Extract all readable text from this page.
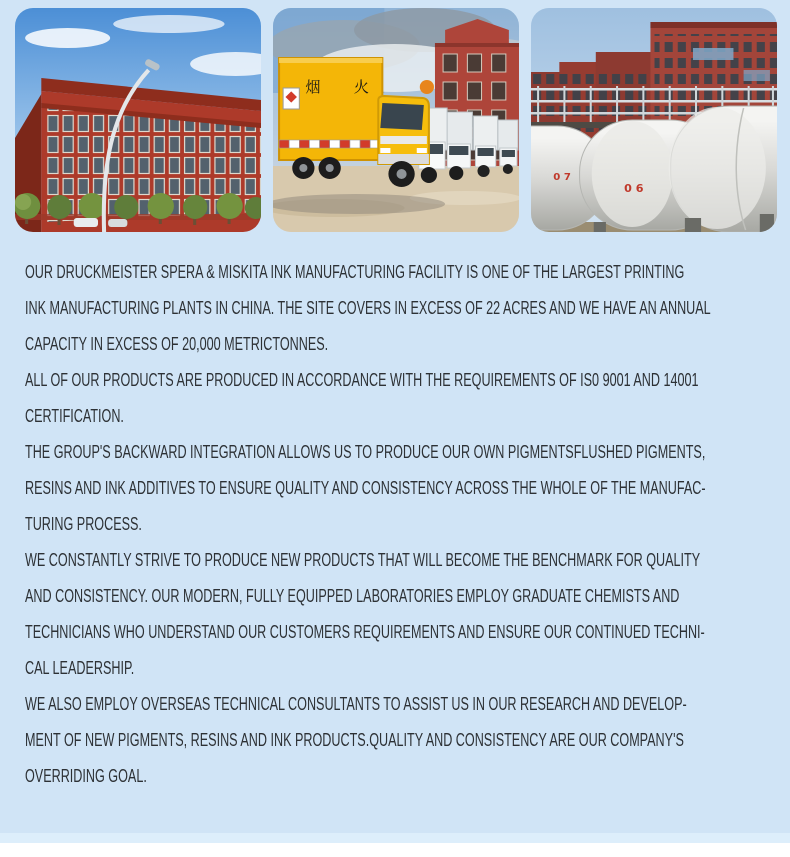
烟 火
0 7
0 6
OUR DRUCKMEISTER SPERA & MISKITA INK MANUFACTURING FACILITY IS ONE OF THE LARGEST PRINTING
INK MANUFACTURING PLANTS IN CHINA. THE SITE COVERS IN EXCESS OF 22 ACRES AND WE HAVE AN ANNUAL
CAPACITY IN EXCESS OF 20,000 METRICTONNES.
ALL OF OUR PRODUCTS ARE PRODUCED IN ACCORDANCE WITH THE REQUIREMENTS OF IS0 9001 AND 14001
CERTIFICATION.
THE GROUP'S BACKWARD INTEGRATION ALLOWS US TO PRODUCE OUR OWN PIGMENTSFLUSHED PIGMENTS,
RESINS AND INK ADDITIVES TO ENSURE QUALITY AND CONSISTENCY ACROSS THE WHOLE OF THE MANUFAC-
TURING PROCESS.
WE CONSTANTLY STRIVE TO PRODUCE NEW PRODUCTS THAT WILL BECOME THE BENCHMARK FOR QUALITY
AND CONSISTENCY. OUR MODERN, FULLY EQUIPPED LABORATORIES EMPLOY GRADUATE CHEMISTS AND
TECHNICIANS WHO UNDERSTAND OUR CUSTOMERS REQUIREMENTS AND ENSURE OUR CONTINUED TECHNI-
CAL LEADERSHIP.
WE ALSO EMPLOY OVERSEAS TECHNICAL CONSULTANTS TO ASSIST US IN OUR RESEARCH AND DEVELOP-
MENT OF NEW PIGMENTS, RESINS AND INK PRODUCTS.QUALITY AND CONSISTENCY ARE OUR COMPANY'S
OVERRIDING GOAL.
